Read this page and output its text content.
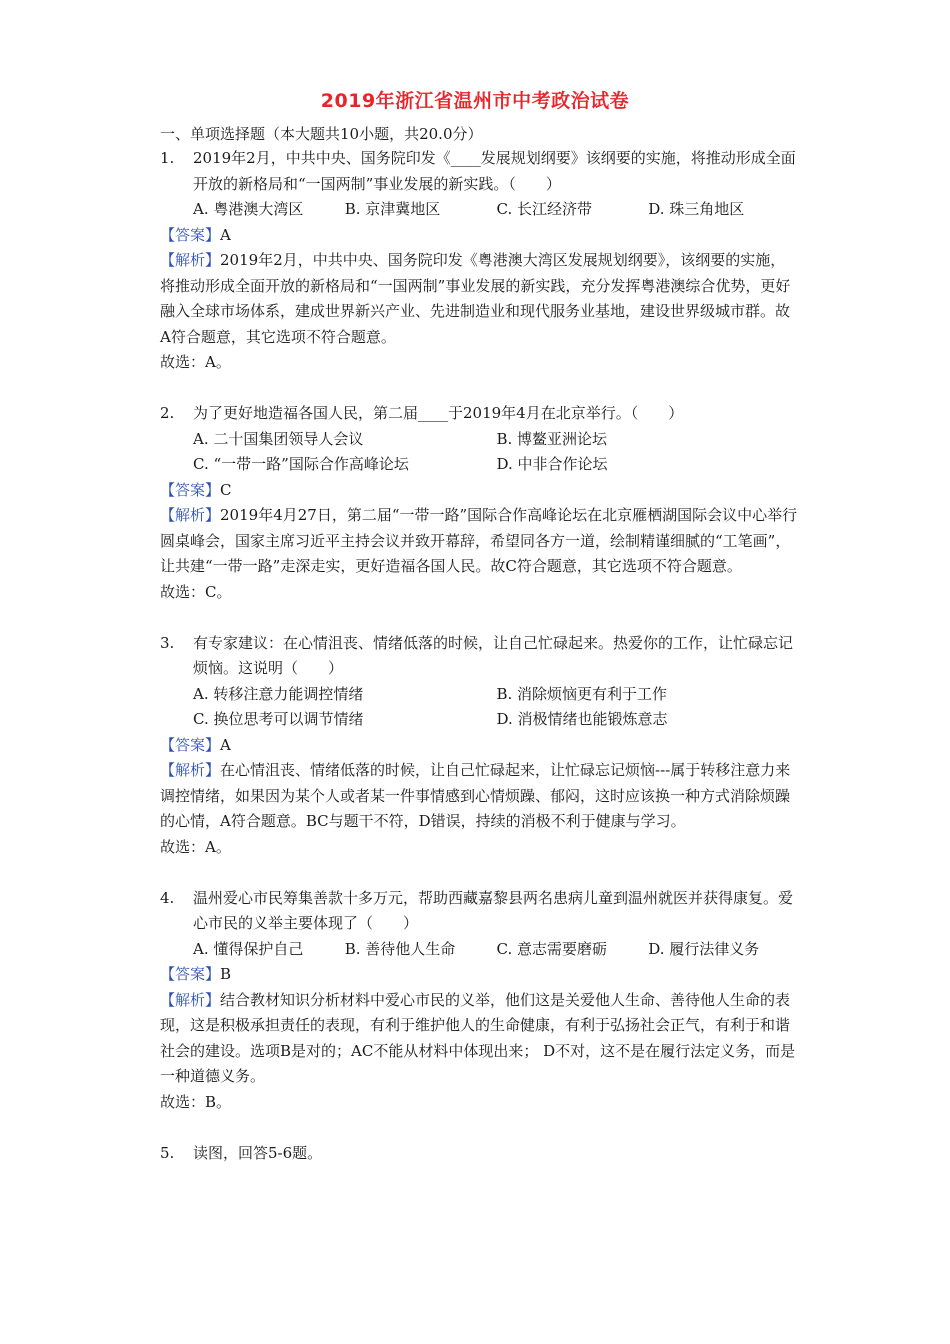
2019年浙江省温州市中考政治试卷
一、单项选择题（本大题共10小题，共20.0分）
1. 2019年2月，中共中央、国务院印发《____发展规划纲要》该纲要的实施，将推动形成全面开放的新格局和“一国两制”事业发展的新实践。（　　）
A. 粤港澳大湾区	B. 京津冀地区	C. 长江经济带	D. 珠三角地区
【答案】A
【解析】2019年2月，中共中央、国务院印发《粤港澳大湾区发展规划纲要》，该纲要的实施，将推动形成全面开放的新格局和“一国两制”事业发展的新实践，充分发挥粤港澳综合优势，更好融入全球市场体系，建成世界新兴产业、先进制造业和现代服务业基地，建设世界级城市群。故A符合题意，其它选项不符合题意。
故选：A。
2. 为了更好地造福各国人民，第二届____于2019年4月在北京举行。（　　）
A. 二十国集团领导人会议	B. 博鳌亚洲论坛
C. “一带一路”国际合作高峰论坛	D. 中非合作论坛
【答案】C
【解析】2019年4月27日，第二届“一带一路”国际合作高峰论坛在北京雁栖湖国际会议中心举行圆桌峰会，国家主席习近平主持会议并致开幕辞，希望同各方一道，绘制精谨细腻的“工笔画”，让共建“一带一路”走深走实，更好造福各国人民。故C符合题意，其它选项不符合题意。
故选：C。
3. 有专家建议：在心情沮丧、情绪低落的时候，让自己忙碌起来。热爱你的工作，让忙碌忘记烦恼。这说明（　　）
A. 转移注意力能调控情绪	B. 消除烦恼更有利于工作
C. 换位思考可以调节情绪	D. 消极情绪也能锻炼意志
【答案】A
【解析】在心情沮丧、情绪低落的时候，让自己忙碌起来，让忙碌忘记烦恼---属于转移注意力来调控情绪，如果因为某个人或者某一件事情感到心情烦躁、郁闷，这时应该换一种方式消除烦躁的心情，A符合题意。BC与题干不符，D错误，持续的消极不利于健康与学习。
故选：A。
4. 温州爱心市民筹集善款十多万元，帮助西藏嘉黎县两名患病儿童到温州就医并获得康复。爱心市民的义举主要体现了（　　）
A. 懂得保护自己	B. 善待他人生命	C. 意志需要磨砺	D. 履行法律义务
【答案】B
【解析】结合教材知识分析材料中爱心市民的义举，他们这是关爱他人生命、善待他人生命的表现，这是积极承担责任的表现，有利于维护他人的生命健康，有利于弘扬社会正气，有利于和谐社会的建设。选项B是对的；AC不能从材料中体现出来； D不对，这不是在履行法定义务，而是一种道德义务。
故选：B。
5. 读图，回答5-6题。
